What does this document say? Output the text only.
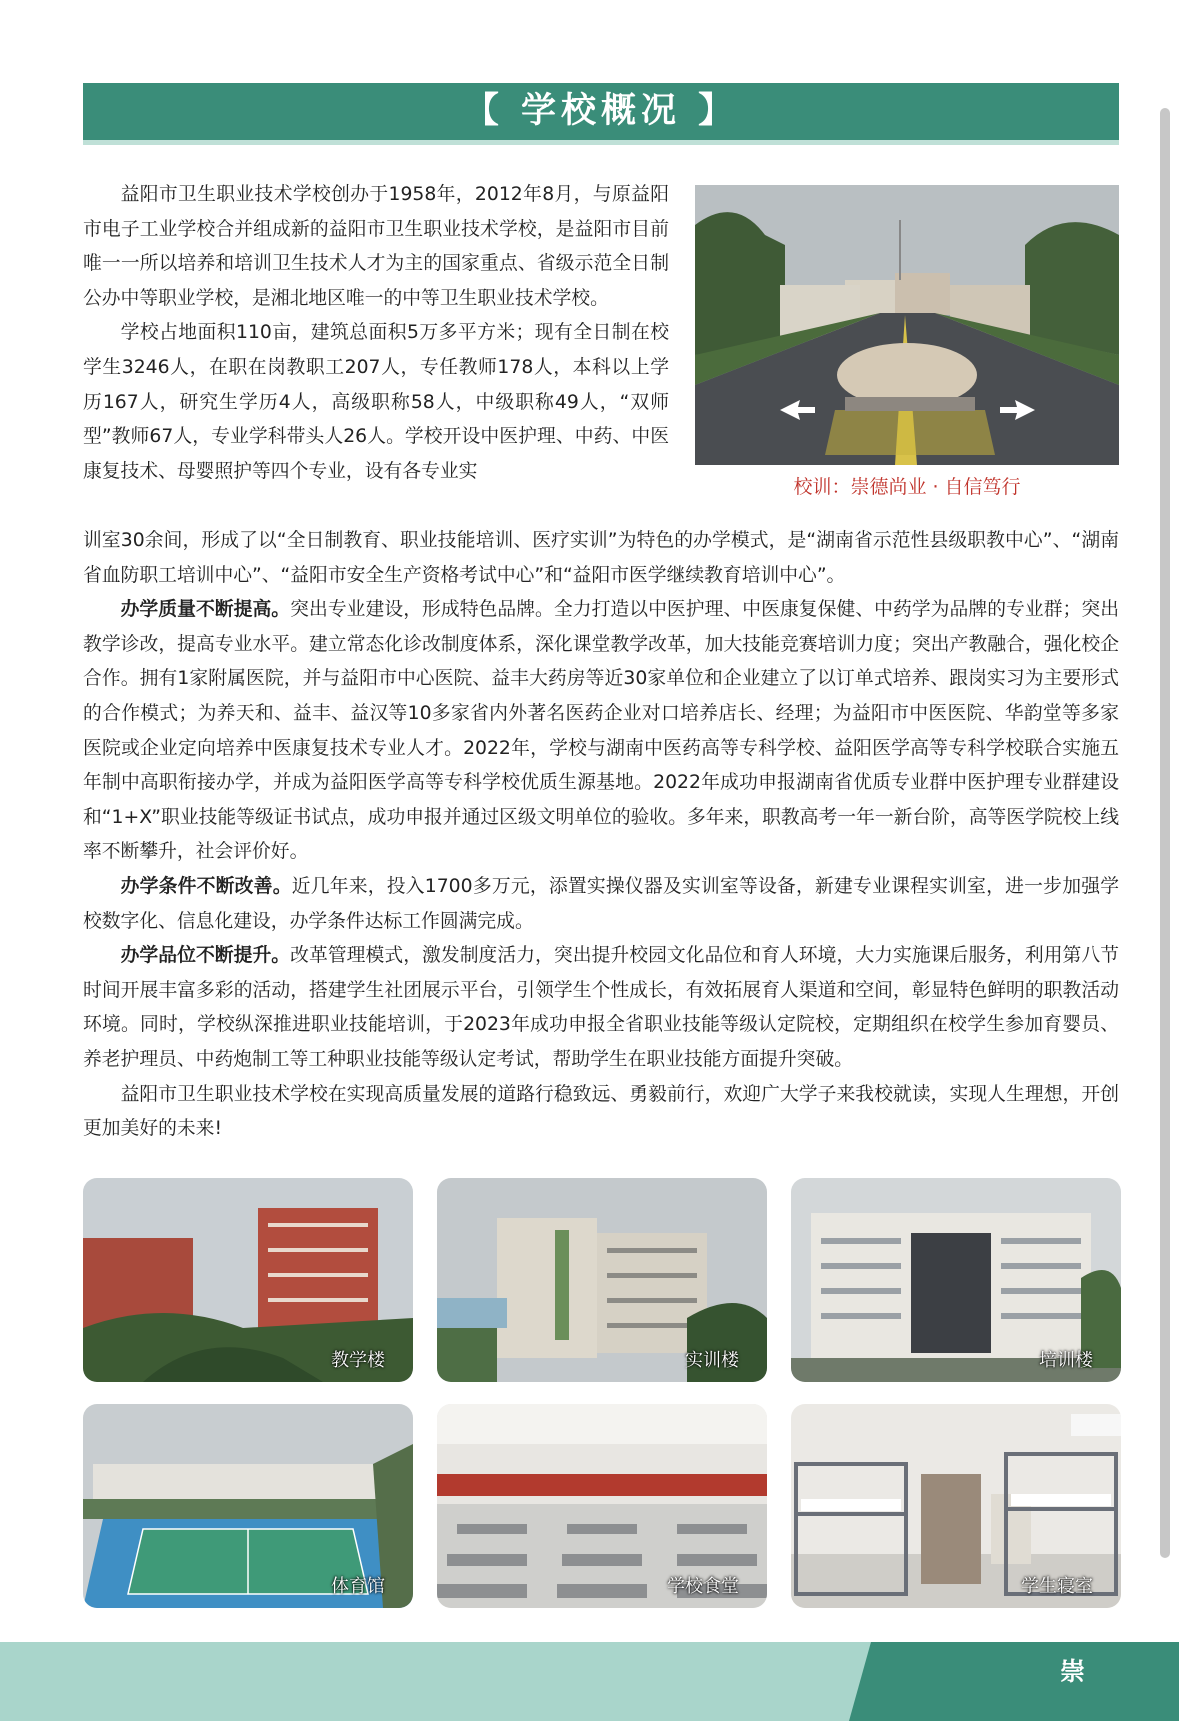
【 学校概况 】

益阳市卫生职业技术学校创办于1958年，2012年8月，与原益阳市电子工业学校合并组成新的益阳市卫生职业技术学校，是益阳市目前唯一一所以培养和培训卫生技术人才为主的国家重点、省级示范全日制公办中等职业学校，是湘北地区唯一的中等卫生职业技术学校。

学校占地面积110亩，建筑总面积5万多平方米；现有全日制在校学生3246人，在职在岗教职工207人，专任教师178人，本科以上学历167人，研究生学历4人，高级职称58人，中级职称49人，“双师型”教师67人，专业学科带头人26人。学校开设中医护理、中药、中医康复技术、母婴照护等四个专业，设有各专业实

校训：崇德尚业 · 自信笃行

训室30余间，形成了以“全日制教育、职业技能培训、医疗实训”为特色的办学模式，是“湖南省示范性县级职教中心”、“湖南省血防职工培训中心”、“益阳市安全生产资格考试中心”和“益阳市医学继续教育培训中心”。

办学质量不断提高。突出专业建设，形成特色品牌。全力打造以中医护理、中医康复保健、中药学为品牌的专业群；突出教学诊改，提高专业水平。建立常态化诊改制度体系，深化课堂教学改革，加大技能竞赛培训力度；突出产教融合，强化校企合作。拥有1家附属医院，并与益阳市中心医院、益丰大药房等近30家单位和企业建立了以订单式培养、跟岗实习为主要形式的合作模式；为养天和、益丰、益汉等10多家省内外著名医药企业对口培养店长、经理；为益阳市中医医院、华韵堂等多家医院或企业定向培养中医康复技术专业人才。2022年，学校与湖南中医药高等专科学校、益阳医学高等专科学校联合实施五年制中高职衔接办学，并成为益阳医学高等专科学校优质生源基地。2022年成功申报湖南省优质专业群中医护理专业群建设和“1+X”职业技能等级证书试点，成功申报并通过区级文明单位的验收。多年来，职教高考一年一新台阶，高等医学院校上线率不断攀升，社会评价好。

办学条件不断改善。近几年来，投入1700多万元，添置实操仪器及实训室等设备，新建专业课程实训室，进一步加强学校数字化、信息化建设，办学条件达标工作圆满完成。

办学品位不断提升。改革管理模式，激发制度活力，突出提升校园文化品位和育人环境，大力实施课后服务，利用第八节时间开展丰富多彩的活动，搭建学生社团展示平台，引领学生个性成长，有效拓展育人渠道和空间，彰显特色鲜明的职教活动环境。同时，学校纵深推进职业技能培训，于2023年成功申报全省职业技能等级认定院校，定期组织在校学生参加育婴员、养老护理员、中药炮制工等工种职业技能等级认定考试，帮助学生在职业技能方面提升突破。

益阳市卫生职业技术学校在实现高质量发展的道路行稳致远、勇毅前行，欢迎广大学子来我校就读，实现人生理想，开创更加美好的未来!

教学楼	实训楼	培训楼
体育馆	学校食堂	学生寝室
崇
